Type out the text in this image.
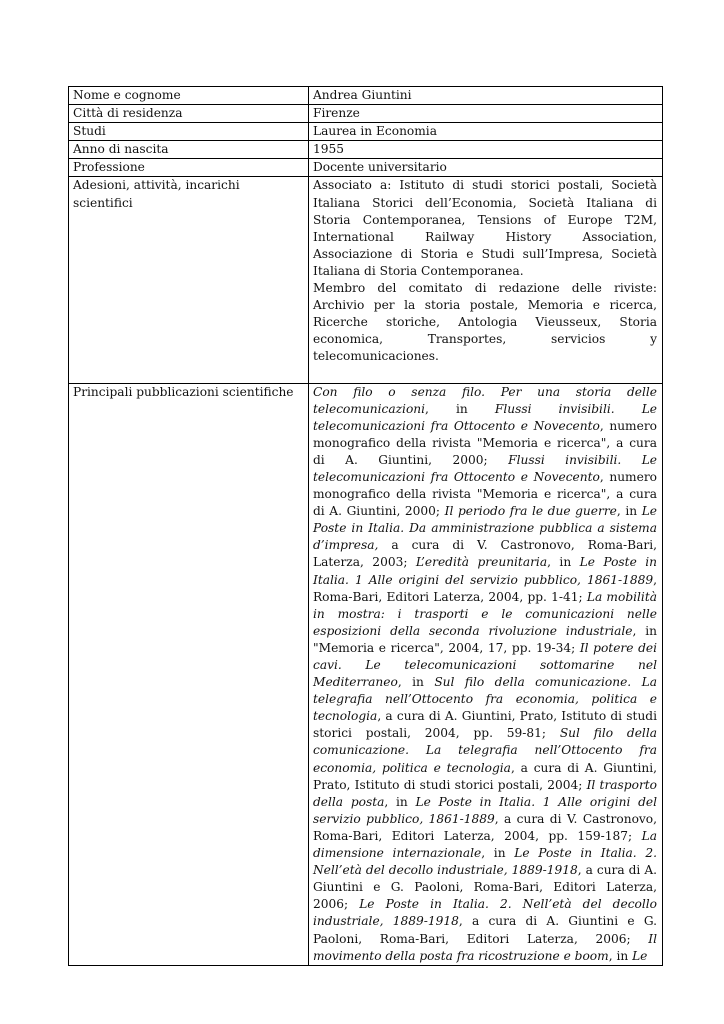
Nome e cognome	Andrea Giuntini
Città di residenza	Firenze
Studi	Laurea in Economia
Anno di nascita	1955
Professione	Docente universitario
Adesioni, attività, incarichi scientifici	Associato a: Istituto di studi storici postali, Società Italiana Storici dell’Economia, Società Italiana di Storia Contemporanea, Tensions of Europe T2M, International Railway History Association, Associazione di Storia e Studi sull’Impresa, Società Italiana di Storia Contemporanea.
Membro del comitato di redazione delle riviste: Archivio per la storia postale, Memoria e ricerca, Ricerche storiche, Antologia Vieusseux, Storia economica, Transportes, servicios y telecomunicaciones.

Principali pubblicazioni scientifiche	Con filo o senza filo. Per una storia delle telecomunicazioni, in Flussi invisibili. Le telecomunicazioni fra Ottocento e Novecento, numero monografico della rivista "Memoria e ricerca", a cura di A. Giuntini, 2000; Flussi invisibili. Le telecomunicazioni fra Ottocento e Novecento, numero monografico della rivista "Memoria e ricerca", a cura di A. Giuntini, 2000; Il periodo fra le due guerre, in Le Poste in Italia. Da amministrazione pubblica a sistema d’impresa, a cura di V. Castronovo, Roma-Bari, Laterza, 2003; L’eredità preunitaria, in Le Poste in Italia. 1 Alle origini del servizio pubblico, 1861-1889, Roma-Bari, Editori Laterza, 2004, pp. 1-41; La mobilità in mostra: i trasporti e le comunicazioni nelle esposizioni della seconda rivoluzione industriale, in "Memoria e ricerca", 2004, 17, pp. 19-34; Il potere dei cavi. Le telecomunicazioni sottomarine nel Mediterraneo, in Sul filo della comunicazione. La telegrafia nell’Ottocento fra economia, politica e tecnologia, a cura di A. Giuntini, Prato, Istituto di studi storici postali, 2004, pp. 59-81; Sul filo della comunicazione. La telegrafia nell’Ottocento fra economia, politica e tecnologia, a cura di A. Giuntini, Prato, Istituto di studi storici postali, 2004; Il trasporto della posta, in Le Poste in Italia. 1 Alle origini del servizio pubblico, 1861-1889, a cura di V. Castronovo, Roma-Bari, Editori Laterza, 2004, pp. 159-187; La dimensione internazionale, in Le Poste in Italia. 2. Nell’età del decollo industriale, 1889-1918, a cura di A. Giuntini e G. Paoloni, Roma-Bari, Editori Laterza, 2006; Le Poste in Italia. 2. Nell’età del decollo industriale, 1889-1918, a cura di A. Giuntini e G. Paoloni, Roma-Bari, Editori Laterza, 2006; Il movimento della posta fra ricostruzione e boom, in Le
